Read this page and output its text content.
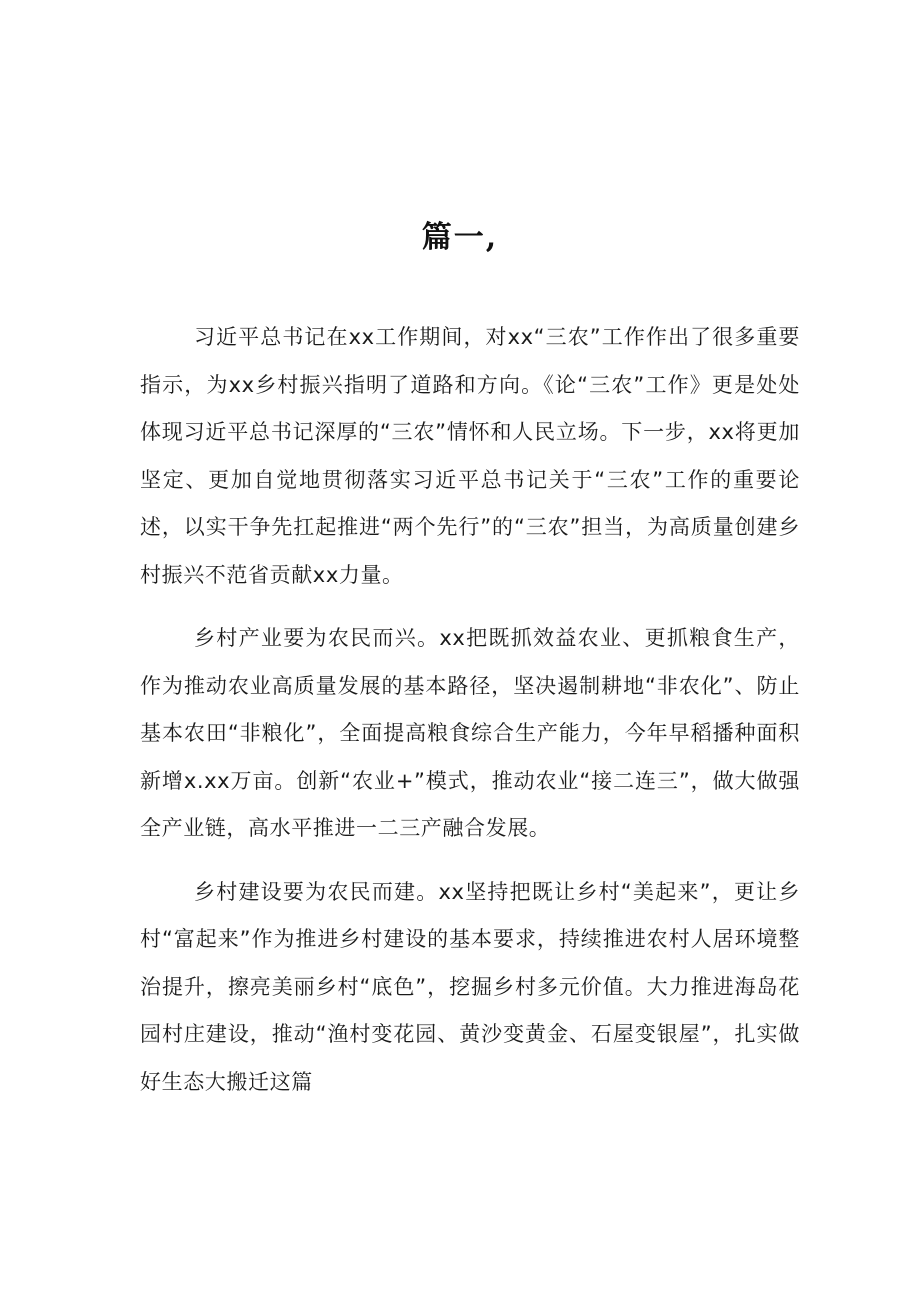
篇一,

习近平总书记在xx工作期间，对xx“三农”工作作出了很多重要指示，为xx乡村振兴指明了道路和方向。《论“三农”工作》更是处处体现习近平总书记深厚的“三农”情怀和人民立场。下一步，xx将更加坚定、更加自觉地贯彻落实习近平总书记关于“三农”工作的重要论述，以实干争先扛起推进“两个先行”的“三农”担当，为高质量创建乡村振兴不范省贡献xx力量。

乡村产业要为农民而兴。xx把既抓效益农业、更抓粮食生产，作为推动农业高质量发展的基本路径，坚决遏制耕地“非农化”、防止基本农田“非粮化”，全面提高粮食综合生产能力，今年早稻播种面积新增x.xx万亩。创新“农业+”模式，推动农业“接二连三”，做大做强全产业链，高水平推进一二三产融合发展。

乡村建设要为农民而建。xx坚持把既让乡村“美起来”，更让乡村“富起来”作为推进乡村建设的基本要求，持续推进农村人居环境整治提升，擦亮美丽乡村“底色”，挖掘乡村多元价值。大力推进海岛花园村庄建设，推动“渔村变花园、黄沙变黄金、石屋变银屋”，扎实做好生态大搬迁这篇
